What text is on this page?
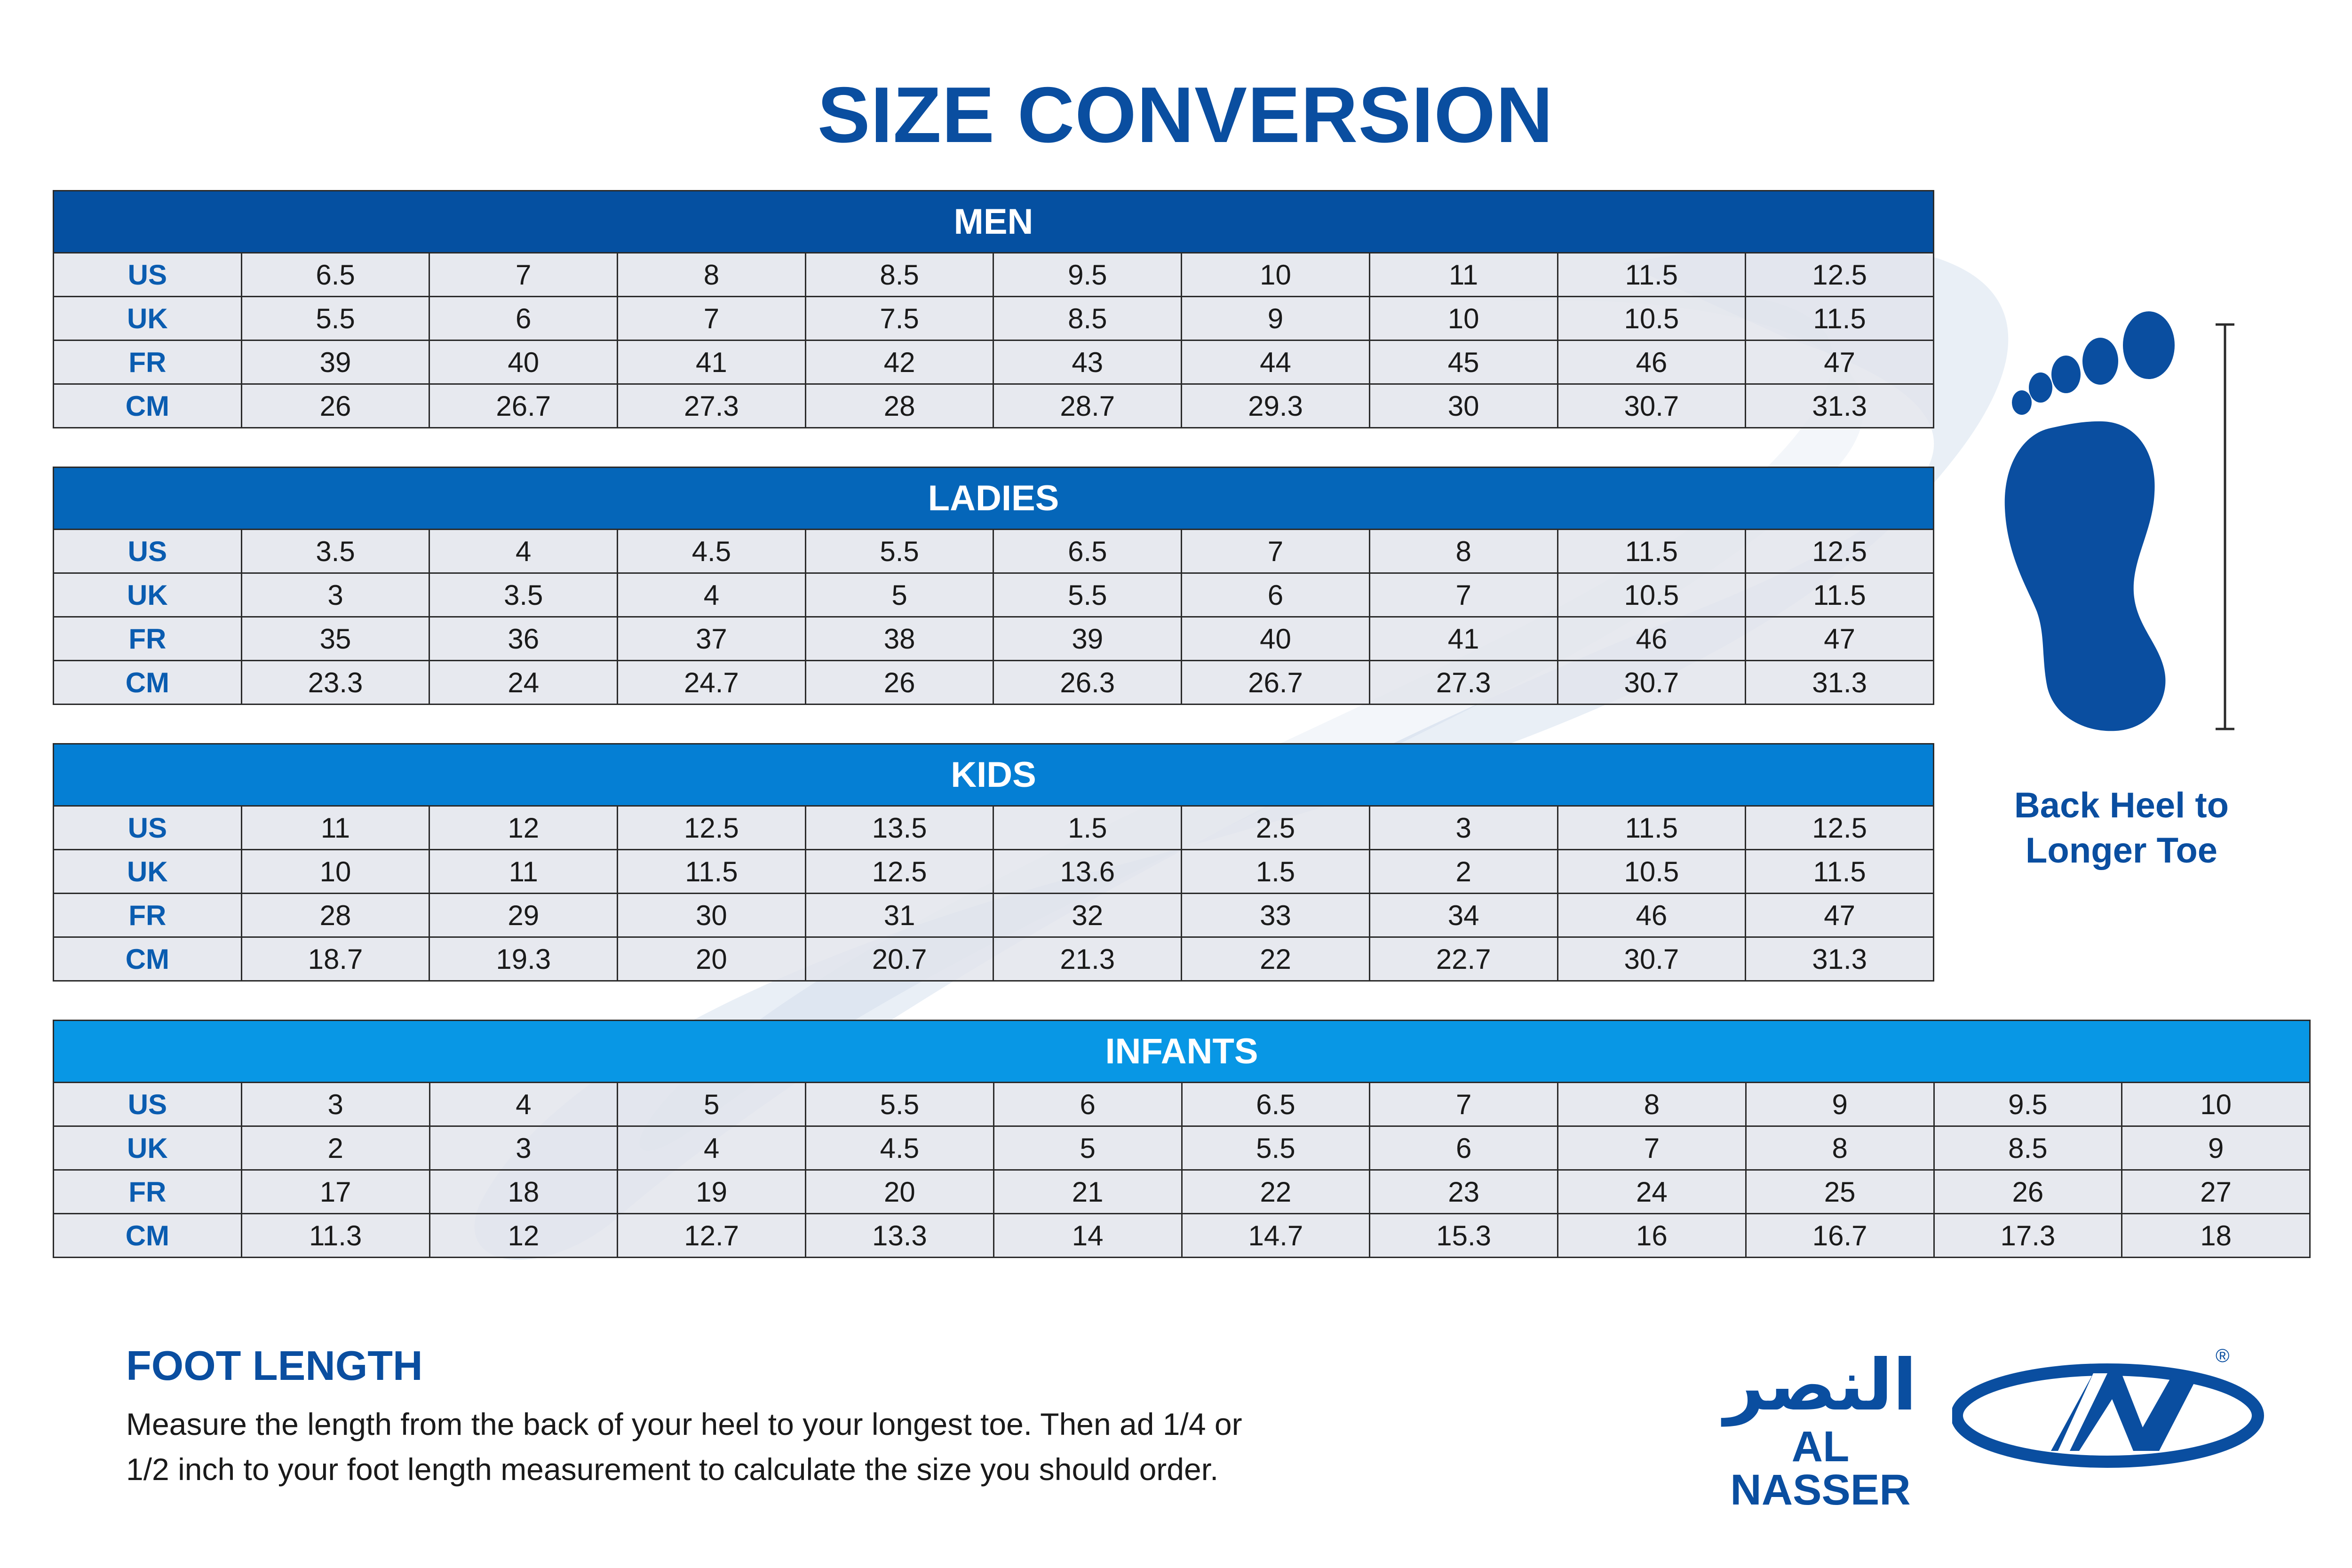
SIZE CONVERSION
MEN									
US	6.5	7	8	8.5	9.5	10	11	11.5	12.5
UK	5.5	6	7	7.5	8.5	9	10	10.5	11.5
FR	39	40	41	42	43	44	45	46	47
CM	26	26.7	27.3	28	28.7	29.3	30	30.7	31.3
LADIES									
US	3.5	4	4.5	5.5	6.5	7	8	11.5	12.5
UK	3	3.5	4	5	5.5	6	7	10.5	11.5
FR	35	36	37	38	39	40	41	46	47
CM	23.3	24	24.7	26	26.3	26.7	27.3	30.7	31.3
KIDS									
US	11	12	12.5	13.5	1.5	2.5	3	11.5	12.5
UK	10	11	11.5	12.5	13.6	1.5	2	10.5	11.5
FR	28	29	30	31	32	33	34	46	47
CM	18.7	19.3	20	20.7	21.3	22	22.7	30.7	31.3
INFANTS											
US	3	4	5	5.5	6	6.5	7	8	9	9.5	10
UK	2	3	4	4.5	5	5.5	6	7	8	8.5	9
FR	17	18	19	20	21	22	23	24	25	26	27
CM	11.3	12	12.7	13.3	14	14.7	15.3	16	16.7	17.3	18
Back Heel to
Longer Toe
FOOT LENGTH
Measure the length from the back of your heel to your longest toe. Then ad 1/4 or
1/2 inch to your foot length measurement to calculate the size you should order.
النصر
AL NASSER
®
